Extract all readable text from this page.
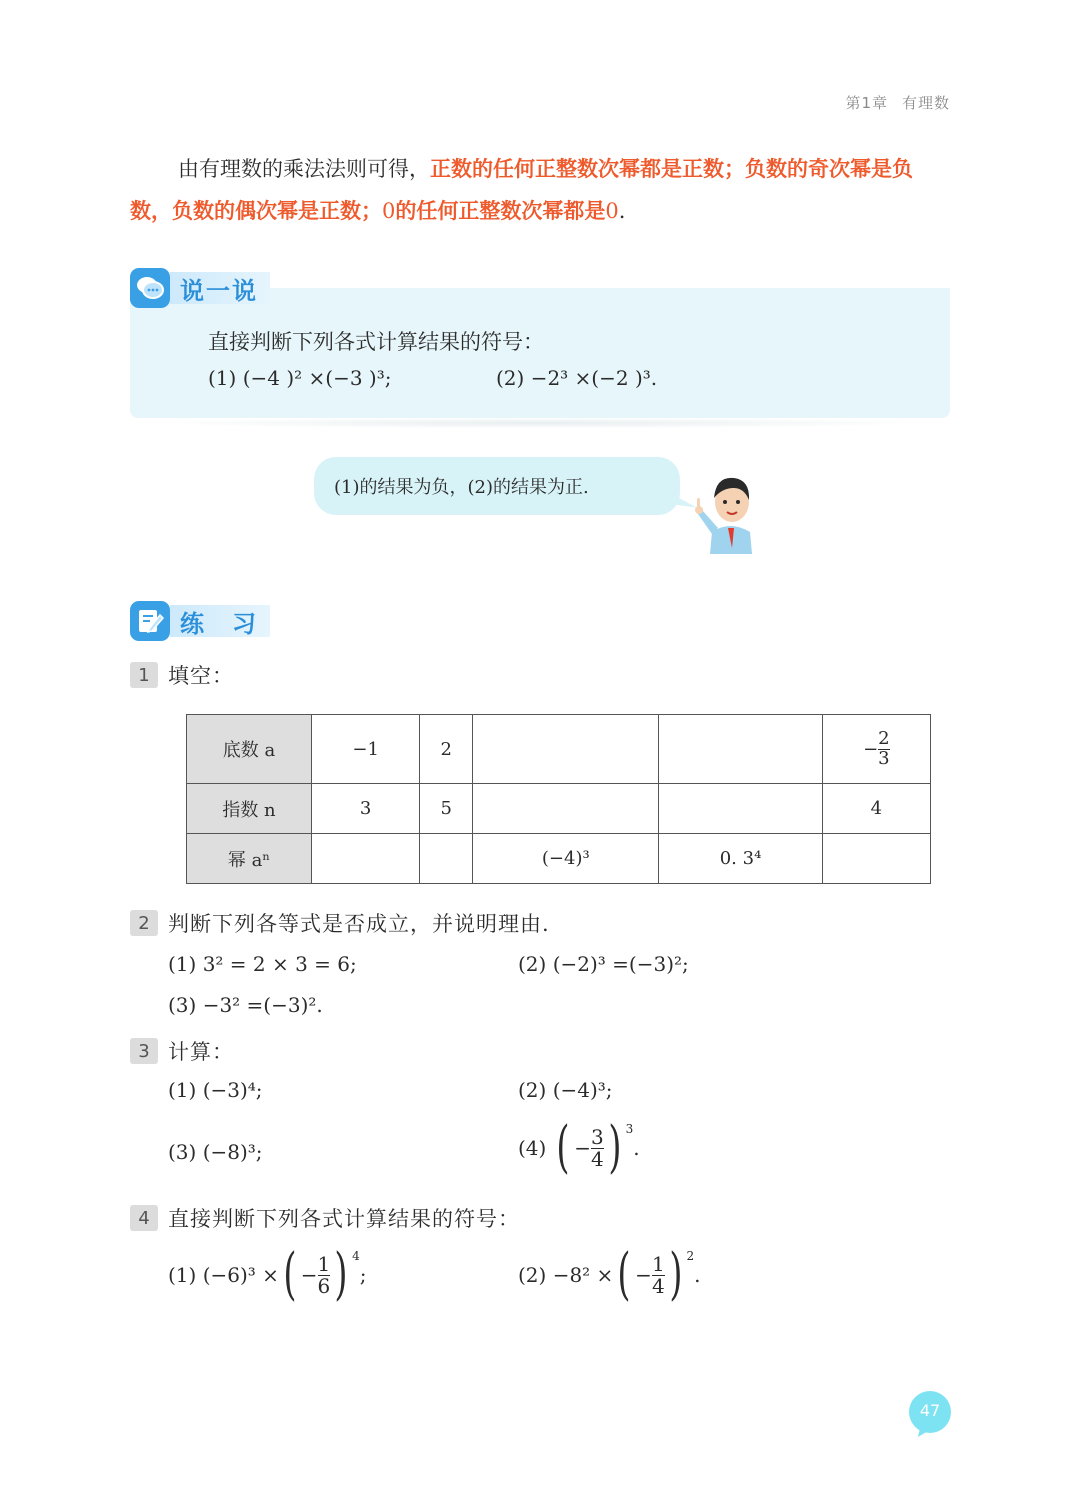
第1章 有理数
由有理数的乘法法则可得，正数的任何正整数次幂都是正数；负数的奇次幂是负数，负数的偶次幂是正数；0的任何正整数次幂都是0.
说一说
直接判断下列各式计算结果的符号：
(1) (−4 )² ×(−3 )³;	(2) −2³ ×(−2 )³.
(1)的结果为负，(2)的结果为正.
练　习
1 填空：
底数 a	−1	2			− $\frac{2}{3}$

指数 n	3	5			4
幂 aⁿ			(−4)³	0. 3⁴	
2 判断下列各等式是否成立，并说明理由.
(1) 3² = 2 × 3 = 6;	(2) (−2)³ =(−3)²;
(3) −3² =(−3)².
3 计算：
(1) (−3)⁴;	(2) (−4)³;
(3) (−8)³;	(4) ( − $\frac{3}{4}$ ) 3
.
4 直接判断下列各式计算结果的符号：
(1) (−6)³ × ( − $\frac{1}{6}$ ) 4
;	(2) −8² × ( − $\frac{1}{4}$ ) 2
.
47
